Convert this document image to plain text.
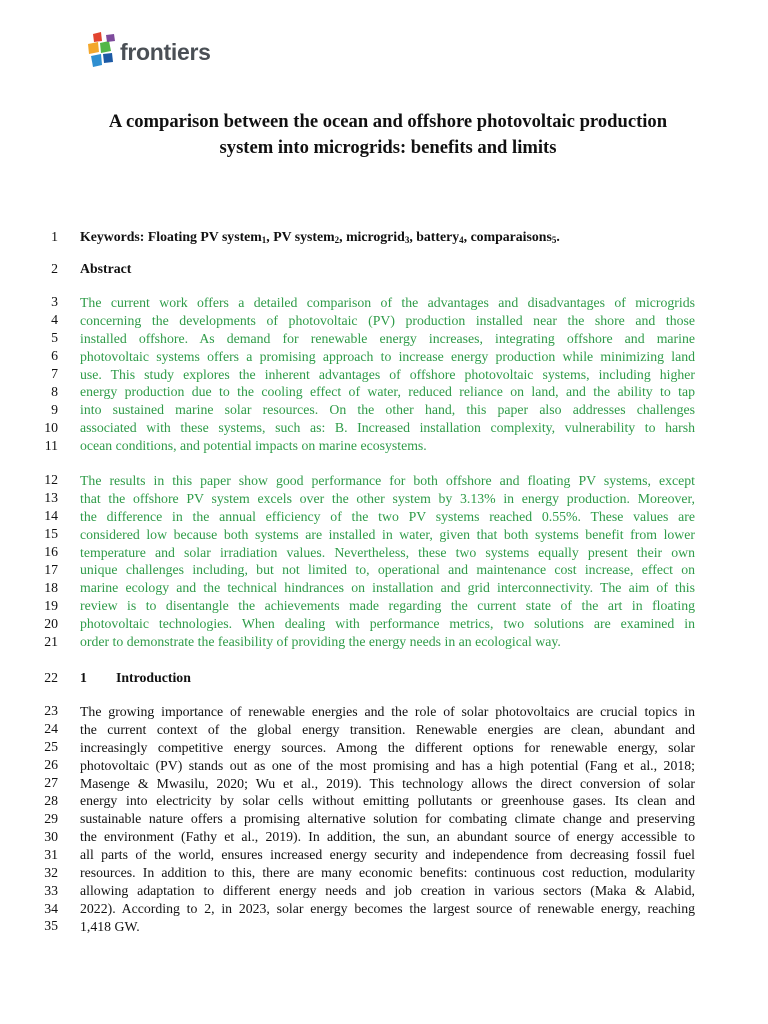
frontiers
A comparison between the ocean and offshore photovoltaic production
system into microgrids: benefits and limits
1
2
3
4
5
6
7
8
9
10
11
12
13
14
15
16
17
18
19
20
21
22
23
24
25
26
27
28
29
30
31
32
33
34
35
Keywords: Floating PV system$_1$, PV system$_2$, microgrid$_3$, battery$_4$, comparaisons$_5$.
Abstract
The current work offers a detailed comparison of the advantages and disadvantages of microgrids
concerning the developments of photovoltaic (PV) production installed near the shore and those
installed offshore. As demand for renewable energy increases, integrating offshore and marine
photovoltaic systems offers a promising approach to increase energy production while minimizing land
use. This study explores the inherent advantages of offshore photovoltaic systems, including higher
energy production due to the cooling effect of water, reduced reliance on land, and the ability to tap
into sustained marine solar resources. On the other hand, this paper also addresses challenges
associated with these systems, such as: B. Increased installation complexity, vulnerability to harsh
ocean conditions, and potential impacts on marine ecosystems.
The results in this paper show good performance for both offshore and floating PV systems, except
that the offshore PV system excels over the other system by 3.13% in energy production. Moreover,
the difference in the annual efficiency of the two PV systems reached 0.55%. These values are
considered low because both systems are installed in water, given that both systems benefit from lower
temperature and solar irradiation values. Nevertheless, these two systems equally present their own
unique challenges including, but not limited to, operational and maintenance cost increase, effect on
marine ecology and the technical hindrances on installation and grid interconnectivity. The aim of this
review is to disentangle the achievements made regarding the current state of the art in floating
photovoltaic technologies. When dealing with performance metrics, two solutions are examined in
order to demonstrate the feasibility of providing the energy needs in an ecological way.
1 Introduction
The growing importance of renewable energies and the role of solar photovoltaics are crucial topics in
the current context of the global energy transition. Renewable energies are clean, abundant and
increasingly competitive energy sources. Among the different options for renewable energy, solar
photovoltaic (PV) stands out as one of the most promising and has a high potential (Fang et al., 2018;
Masenge & Mwasilu, 2020; Wu et al., 2019). This technology allows the direct conversion of solar
energy into electricity by solar cells without emitting pollutants or greenhouse gases. Its clean and
sustainable nature offers a promising alternative solution for combating climate change and preserving
the environment (Fathy et al., 2019). In addition, the sun, an abundant source of energy accessible to
all parts of the world, ensures increased energy security and independence from decreasing fossil fuel
resources. In addition to this, there are many economic benefits: continuous cost reduction, modularity
allowing adaptation to different energy needs and job creation in various sectors (Maka & Alabid,
2022). According to 2, in 2023, solar energy becomes the largest source of renewable energy, reaching
1,418 GW.
